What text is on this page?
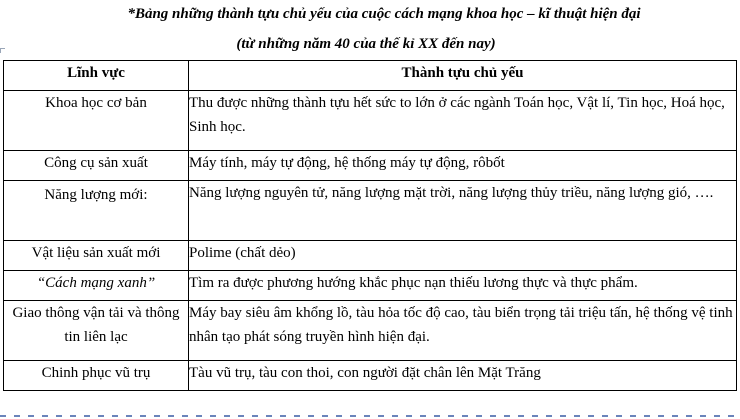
*Bảng những thành tựu chủ yếu của cuộc cách mạng khoa học – kĩ thuật hiện đại
(từ những năm 40 của thế kỉ XX đến nay)
Lĩnh vực	Thành tựu chủ yếu
Khoa học cơ bản	Thu được những thành tựu hết sức to lớn ở các ngành Toán học, Vật lí, Tin học, Hoá học, Sinh học.
Công cụ sản xuất	Máy tính, máy tự động, hệ thống máy tự động, rôbốt
Năng lượng mới:	Năng lượng nguyên tử, năng lượng mặt trời, năng lượng thủy triều, năng lượng gió, ….
Vật liệu sản xuất mới	Polime (chất dẻo)
“Cách mạng xanh”	Tìm ra được phương hướng khắc phục nạn thiếu lương thực và thực phẩm.
Giao thông vận tải và thông tin liên lạc	Máy bay siêu âm khổng lồ, tàu hỏa tốc độ cao, tàu biển trọng tải triệu tấn, hệ thống vệ tinh nhân tạo phát sóng truyền hình hiện đại.
Chinh phục vũ trụ	Tàu vũ trụ, tàu con thoi, con người đặt chân lên Mặt Trăng
